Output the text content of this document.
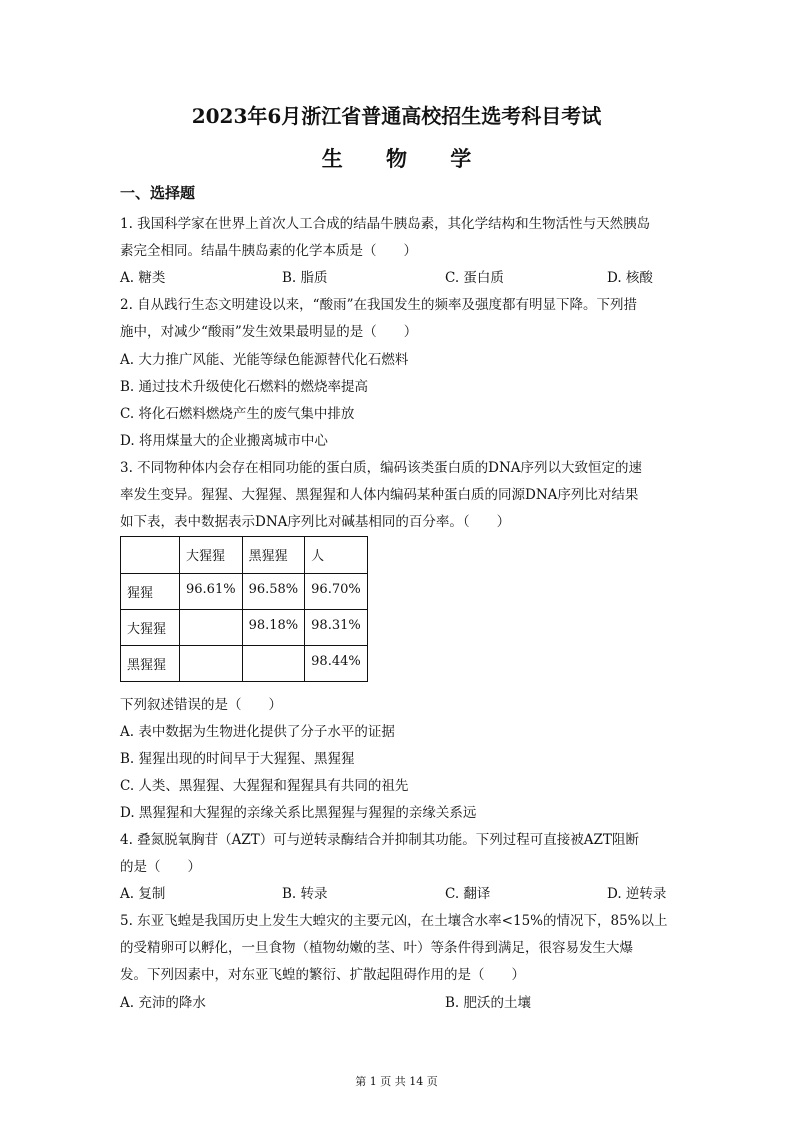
2023年6月浙江省普通高校招生选考科目考试
生 物 学
一、选择题
1. 我国科学家在世界上首次人工合成的结晶牛胰岛素，其化学结构和生物活性与天然胰岛
素完全相同。结晶牛胰岛素的化学本质是（　　）
A. 糖类	B. 脂质	C. 蛋白质	D. 核酸
2. 自从践行生态文明建设以来，“酸雨”在我国发生的频率及强度都有明显下降。下列措
施中，对减少“酸雨”发生效果最明显的是（　　）
A. 大力推广风能、光能等绿色能源替代化石燃料
B. 通过技术升级使化石燃料的燃烧率提高
C. 将化石燃料燃烧产生的废气集中排放
D. 将用煤量大的企业搬离城市中心
3. 不同物种体内会存在相同功能的蛋白质，编码该类蛋白质的DNA序列以大致恒定的速
率发生变异。猩猩、大猩猩、黑猩猩和人体内编码某种蛋白质的同源DNA序列比对结果
如下表，表中数据表示DNA序列比对碱基相同的百分率。（　　）
	大猩猩	黑猩猩	人
猩猩	96.61%	96.58%	96.70%
大猩猩		98.18%	98.31%
黑猩猩			98.44%
下列叙述错误的是（　　）
A. 表中数据为生物进化提供了分子水平的证据
B. 猩猩出现的时间早于大猩猩、黑猩猩
C. 人类、黑猩猩、大猩猩和猩猩具有共同的祖先
D. 黑猩猩和大猩猩的亲缘关系比黑猩猩与猩猩的亲缘关系远
4. 叠氮脱氧胸苷（AZT）可与逆转录酶结合并抑制其功能。下列过程可直接被AZT阻断
的是（　　）
A. 复制	B. 转录	C. 翻译	D. 逆转录
5. 东亚飞蝗是我国历史上发生大蝗灾的主要元凶，在土壤含水率<15%的情况下，85%以上
的受精卵可以孵化，一旦食物（植物幼嫩的茎、叶）等条件得到满足，很容易发生大爆
发。下列因素中，对东亚飞蝗的繁衍、扩散起阻碍作用的是（　　）
A. 充沛的降水	B. 肥沃的土壤
第 1 页 共 14 页
